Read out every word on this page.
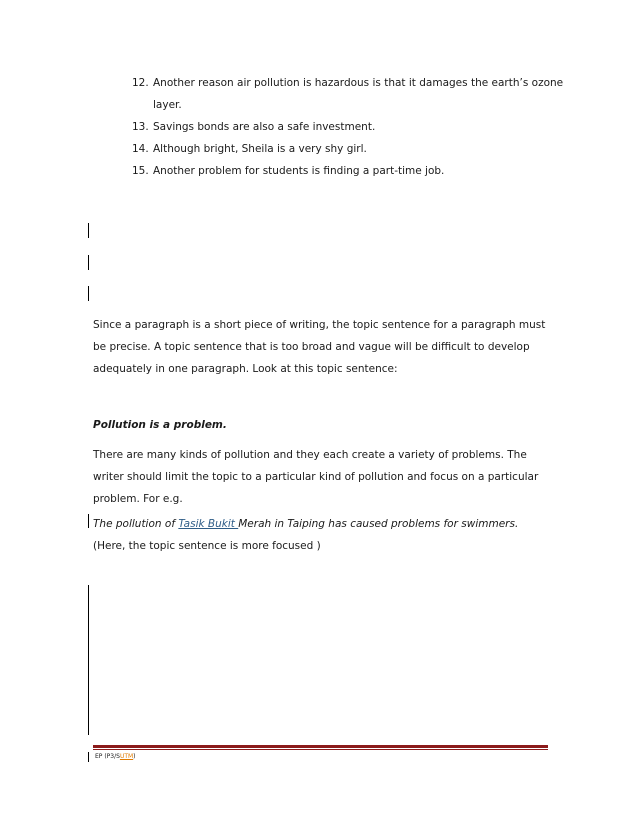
12. Another reason air pollution is hazardous is that it damages the earth’s ozone layer.
13. Savings bonds are also a safe investment.
14. Although bright, Sheila is a very shy girl.
15. Another problem for students is finding a part-time job.

Since a paragraph is a short piece of writing, the topic sentence for a paragraph must be precise. A topic sentence that is too broad and vague will be difficult to develop adequately in one paragraph. Look at this topic sentence:

Pollution is a problem.

There are many kinds of pollution and they each create a variety of problems. The writer should limit the topic to a particular kind of pollution and focus on a particular problem. For e.g.

The pollution of Tasik Bukit Merah in Taiping has caused problems for swimmers.
(Here, the topic sentence is more focused )
EP (P3/SUTM)
